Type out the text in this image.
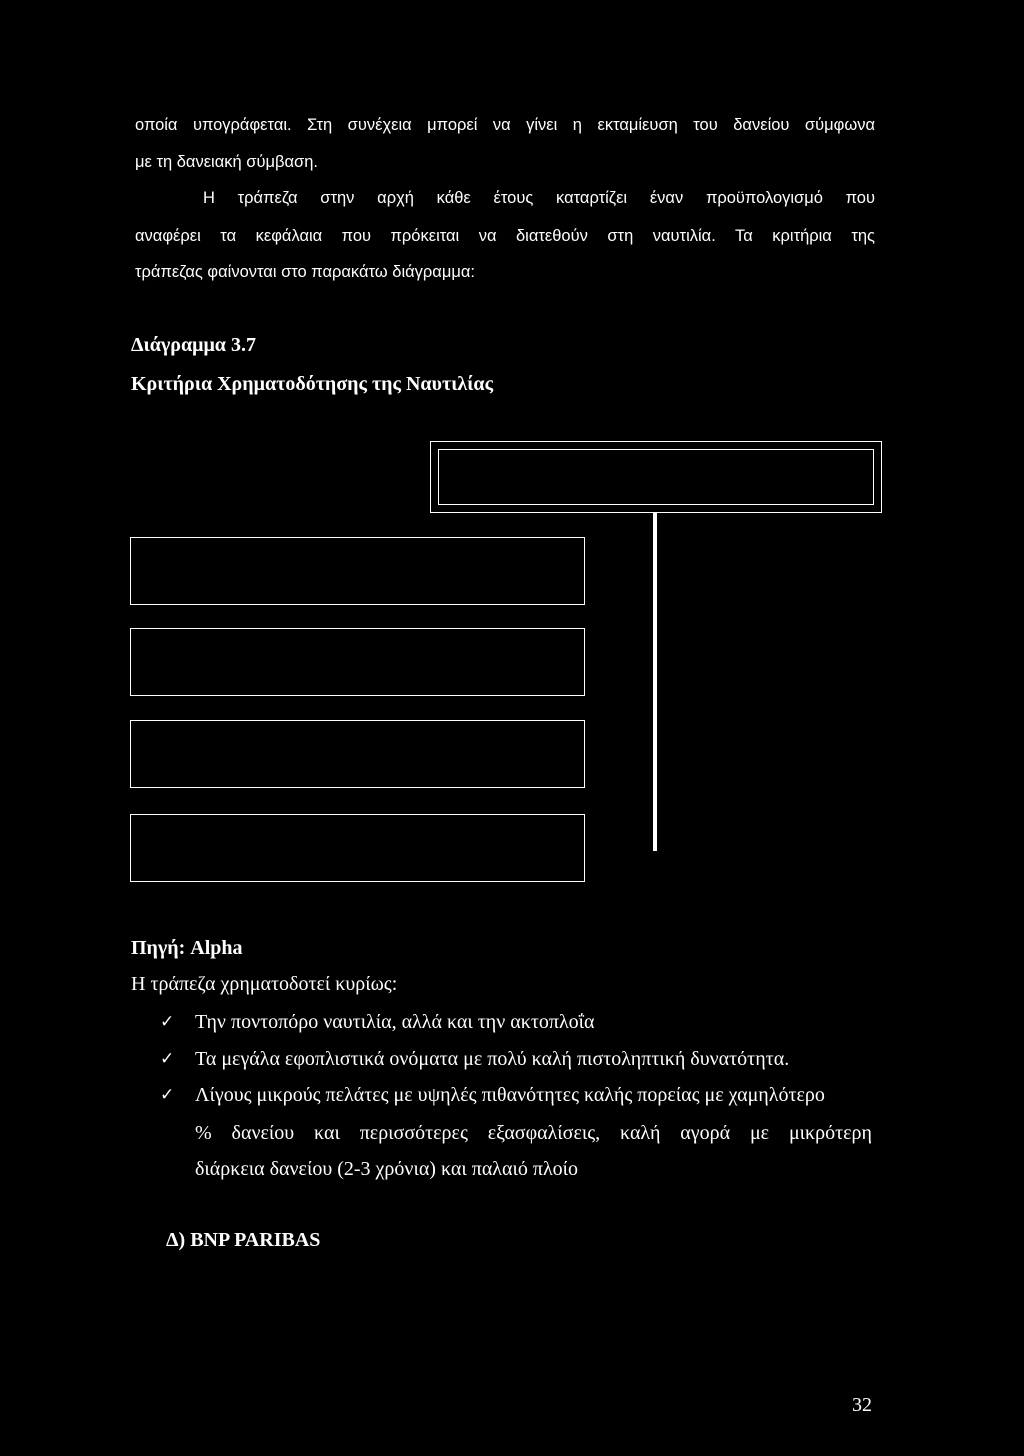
οποία υπογράφεται. Στη συνέχεια μπορεί να γίνει η εκταμίευση του δανείου σύμφωνα
με τη δανειακή σύμβαση.
Η τράπεζα στην αρχή κάθε έτους καταρτίζει έναν προϋπολογισμό που
αναφέρει τα κεφάλαια που πρόκειται να διατεθούν στη ναυτιλία. Τα κριτήρια της
τράπεζας φαίνονται στο παρακάτω διάγραμμα:
Διάγραμμα 3.7
Κριτήρια Χρηματοδότησης της Ναυτιλίας
Πηγή: Alpha
Η τράπεζα χρηματοδοτεί κυρίως:
✓ Την ποντοπόρο ναυτιλία, αλλά και την ακτοπλοΐα
✓ Τα μεγάλα εφοπλιστικά ονόματα με πολύ καλή πιστοληπτική δυνατότητα.
✓ Λίγους μικρούς πελάτες με υψηλές πιθανότητες καλής πορείας με χαμηλότερο
% δανείου και περισσότερες εξασφαλίσεις, καλή αγορά με μικρότερη
διάρκεια δανείου (2-3 χρόνια) και παλαιό πλοίο
Δ) BNP PARIBAS
32
